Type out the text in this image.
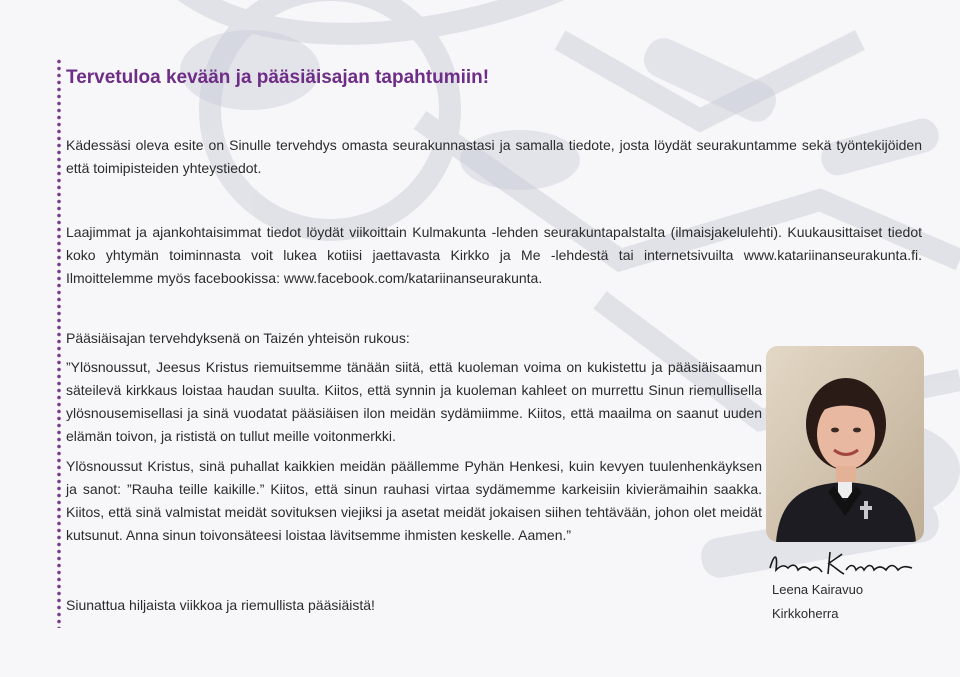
Tervetuloa kevään ja pääsiäisajan tapahtumiin!

Kädessäsi oleva esite on Sinulle tervehdys omasta seurakunnastasi ja samalla tiedote, josta löydät seurakuntamme sekä työntekijöiden että toimipisteiden yhteystiedot.

Laajimmat ja ajankohtaisimmat tiedot löydät viikoittain Kulmakunta -lehden seurakuntapalstalta (ilmaisjakelulehti). Kuukausittaiset tiedot koko yhtymän toiminnasta voit lukea kotiisi jaettavasta Kirkko ja Me -lehdestä tai internetsivuilta www.katariinanseurakunta.fi. Ilmoittelemme myös facebookissa: www.facebook.com/katariinanseurakunta.

Pääsiäisajan tervehdyksenä on Taizén yhteisön rukous:

”Ylösnoussut, Jeesus Kristus riemuitsemme tänään siitä, että kuoleman voima on kukistettu ja pääsiäisaamun säteilevä kirkkaus loistaa haudan suulta. Kiitos, että synnin ja kuoleman kahleet on murrettu Sinun riemullisella ylösnousemisellasi ja sinä vuodatat pääsiäisen ilon meidän sydämiimme. Kiitos, että maailma on saanut uuden elämän toivon, ja rististä on tullut meille voitonmerkki.

Ylösnoussut Kristus, sinä puhallat kaikkien meidän päällemme Pyhän Henkesi, kuin kevyen tuulenhenkäyksen ja sanot: ”Rauha teille kaikille.” Kiitos, että sinun rauhasi virtaa sydämemme karkeisiin kivierämaihin saakka. Kiitos, että sinä valmistat meidät sovituksen viejiksi ja asetat meidät jokaisen siihen tehtävään, johon olet meidät kutsunut. Anna sinun toivonsäteesi loistaa lävitsemme ihmisten keskelle. Aamen.”

Siunattua hiljaista viikkoa ja riemullista pääsiäistä!

Leena Kairavuo
Kirkkoherra
